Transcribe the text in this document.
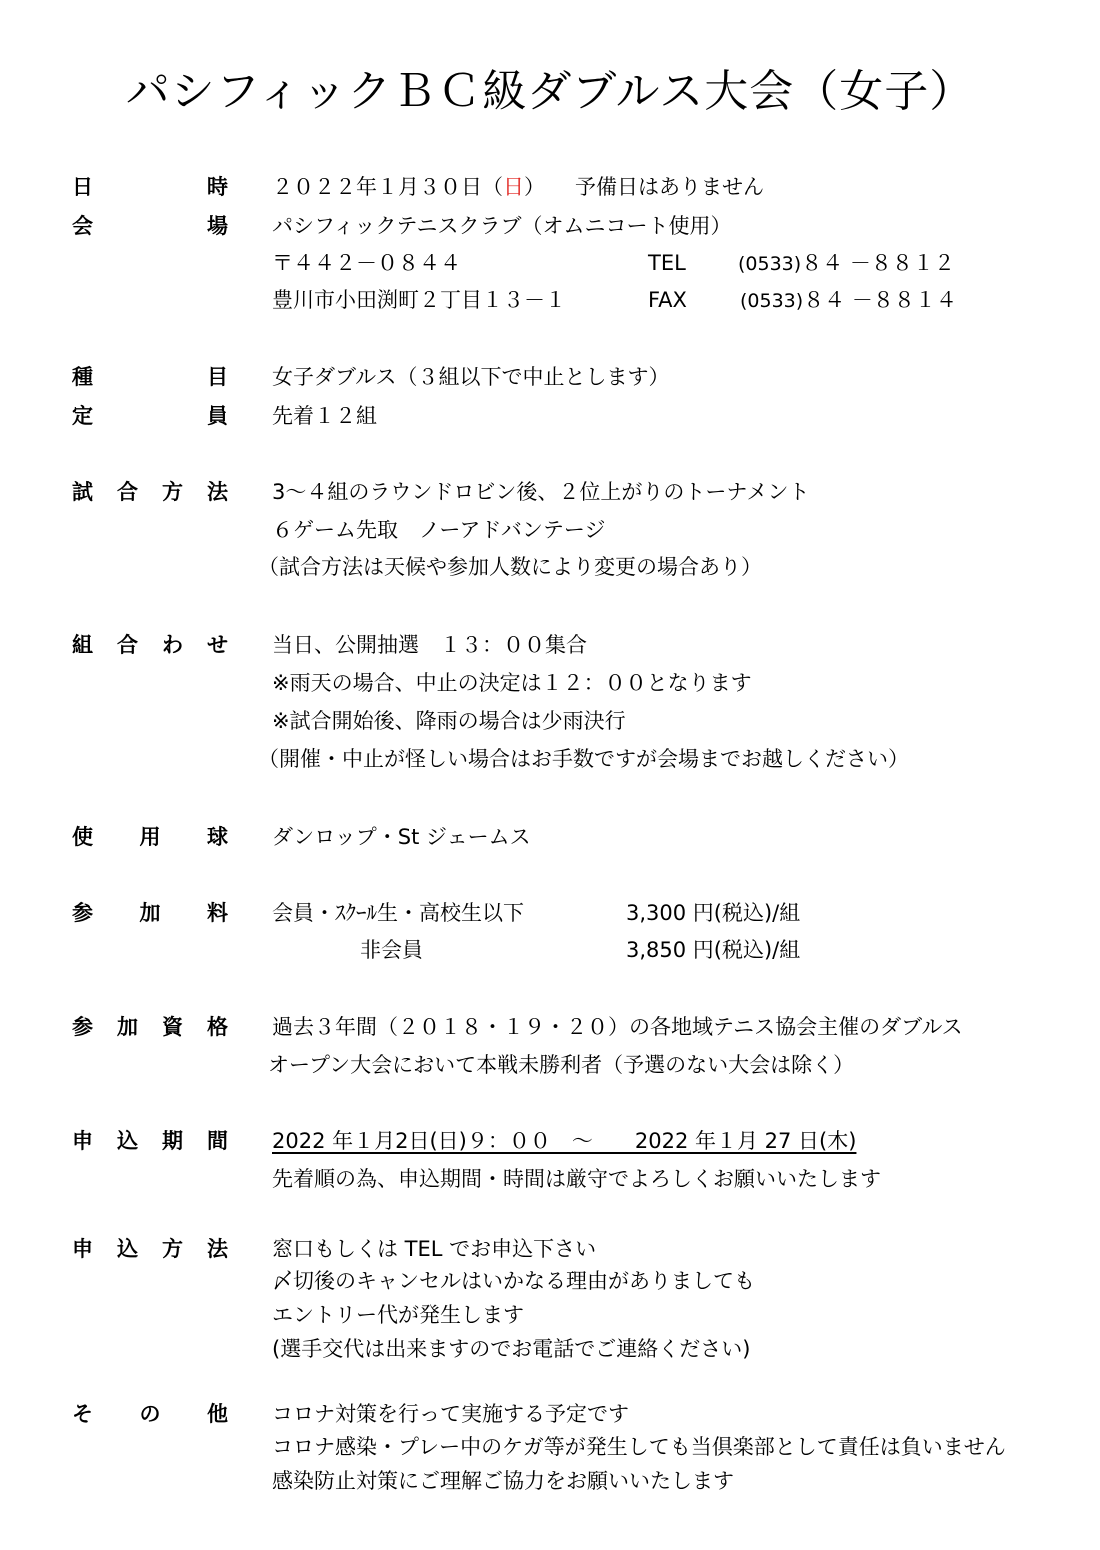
パシフィックＢＣ級ダブルス大会（女子）
日	時 ２０２２年１月３０日（日） 予備日はありません
会	場 パシフィックテニスクラブ（オムニコート使用）
〒４４２－０８４４	TEL	(0533)８４ －８８１２
豊川市小田渕町２丁目１３－１	FAX	(0533)８４ －８８１４
種	目 女子ダブルス（３組以下で中止とします）
定	員 先着１２組
試 合 方 法 3～４組のラウンドロビン後、２位上がりのトーナメント
６ゲーム先取　ノーアドバンテージ
（試合方法は天候や参加人数により変更の場合あり）
組 合 わ せ 当日、公開抽選　１３：００集合
※雨天の場合、中止の決定は１２：００となります
※試合開始後、降雨の場合は少雨決行
（開催・中止が怪しい場合はお手数ですが会場までお越しください）
使 用 球 ダンロップ・St ジェームス
参 加 料 会員・ｽｸｰﾙ生・高校生以下	3,300 円(税込)/組
非会員	3,850 円(税込)/組
参 加 資 格 過去３年間（２０１８・１９・２０）の各地域テニス協会主催のダブルス
オープン大会において本戦未勝利者（予選のない大会は除く）
申 込 期 間 2022 年１月2日(日)９：００　～　　2022 年１月 27 日(木)
先着順の為、申込期間・時間は厳守でよろしくお願いいたします
申 込 方 法 窓口もしくは TEL でお申込下さい
〆切後のキャンセルはいかなる理由がありましても
エントリー代が発生します
(選手交代は出来ますのでお電話でご連絡ください)
そ の 他 コロナ対策を行って実施する予定です
コロナ感染・プレー中のケガ等が発生しても当倶楽部として責任は負いません
感染防止対策にご理解ご協力をお願いいたします
